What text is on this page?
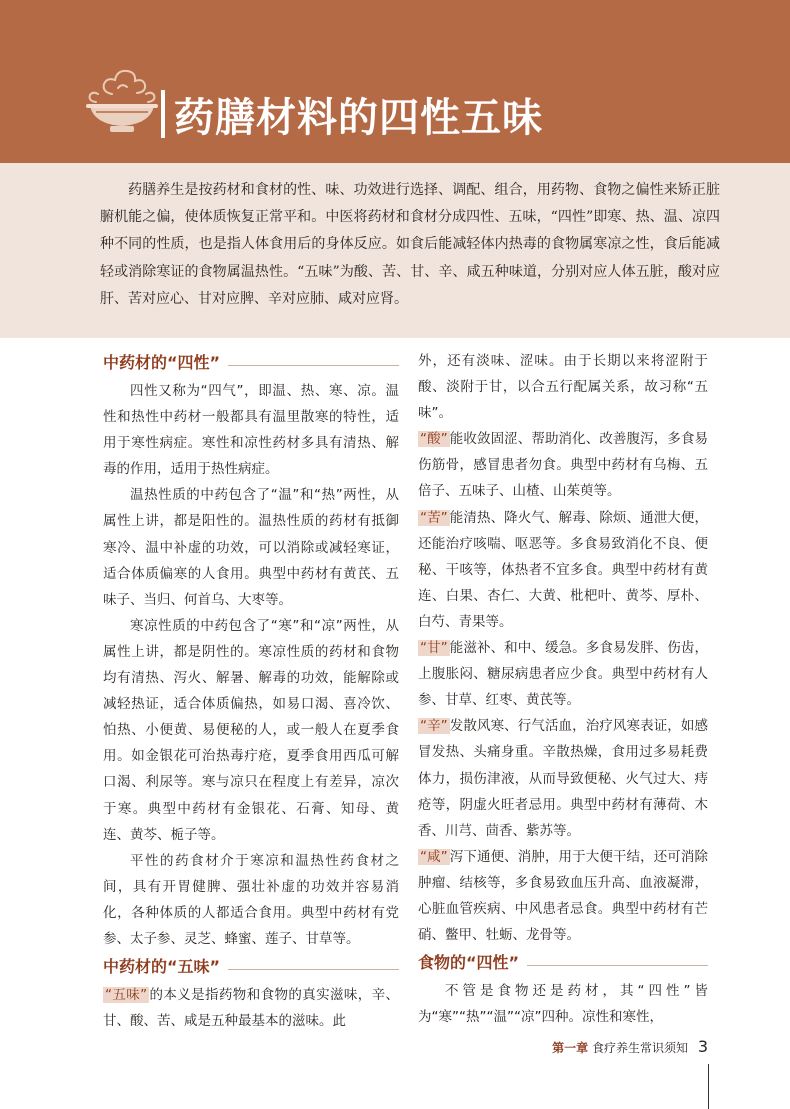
药膳材料的四性五味

药膳养生是按药材和食材的性、味、功效进行选择、调配、组合，用药物、食物之偏性来矫正脏腑机能之偏，使体质恢复正常平和。中医将药材和食材分成四性、五味，“四性”即寒、热、温、凉四种不同的性质，也是指人体食用后的身体反应。如食后能减轻体内热毒的食物属寒凉之性，食后能减轻或消除寒证的食物属温热性。“五味”为酸、苦、甘、辛、咸五种味道，分别对应人体五脏，酸对应肝、苦对应心、甘对应脾、辛对应肺、咸对应肾。

中药材的“四性”

四性又称为“四气”，即温、热、寒、凉。温性和热性中药材一般都具有温里散寒的特性，适用于寒性病症。寒性和凉性药材多具有清热、解毒的作用，适用于热性病症。

温热性质的中药包含了“温”和“热”两性，从属性上讲，都是阳性的。温热性质的药材有抵御寒冷、温中补虚的功效，可以消除或减轻寒证，适合体质偏寒的人食用。典型中药材有黄芪、五味子、当归、何首乌、大枣等。

寒凉性质的中药包含了“寒”和“凉”两性，从属性上讲，都是阴性的。寒凉性质的药材和食物均有清热、泻火、解暑、解毒的功效，能解除或减轻热证，适合体质偏热，如易口渴、喜冷饮、怕热、小便黄、易便秘的人，或一般人在夏季食用。如金银花可治热毒疔疮，夏季食用西瓜可解口渴、利尿等。寒与凉只在程度上有差异，凉次于寒。典型中药材有金银花、石膏、知母、黄连、黄芩、栀子等。

平性的药食材介于寒凉和温热性药食材之间，具有开胃健脾、强壮补虚的功效并容易消化，各种体质的人都适合食用。典型中药材有党参、太子参、灵芝、蜂蜜、莲子、甘草等。

中药材的“五味”

“五味” 的本义是指药物和食物的真实滋味，辛、甘、酸、苦、咸是五种最基本的滋味。此

外，还有淡味、涩味。由于长期以来将涩附于酸、淡附于甘，以合五行配属关系，故习称“五味”。

“酸” 能收敛固涩、帮助消化、改善腹泻，多食易伤筋骨，感冒患者勿食。典型中药材有乌梅、五倍子、五味子、山楂、山茱萸等。

“苦” 能清热、降火气、解毒、除烦、通泄大便，还能治疗咳喘、呕恶等。多食易致消化不良、便秘、干咳等，体热者不宜多食。典型中药材有黄连、白果、杏仁、大黄、枇杷叶、黄芩、厚朴、白芍、青果等。

“甘” 能滋补、和中、缓急。多食易发胖、伤齿，上腹胀闷、糖尿病患者应少食。典型中药材有人参、甘草、红枣、黄芪等。

“辛” 发散风寒、行气活血，治疗风寒表证，如感冒发热、头痛身重。辛散热燥，食用过多易耗费体力，损伤津液，从而导致便秘、火气过大、痔疮等，阴虚火旺者忌用。典型中药材有薄荷、木香、川芎、茴香、紫苏等。

“咸” 泻下通便、消肿，用于大便干结，还可消除肿瘤、结核等，多食易致血压升高、血液凝滞，心脏血管疾病、中风患者忌食。典型中药材有芒硝、鳖甲、牡蛎、龙骨等。

食物的“四性”

不管是食物还是药材，其“四性”皆为“寒”“热”“温”“凉”四种。凉性和寒性，

第一章 食疗养生常识须知 3
